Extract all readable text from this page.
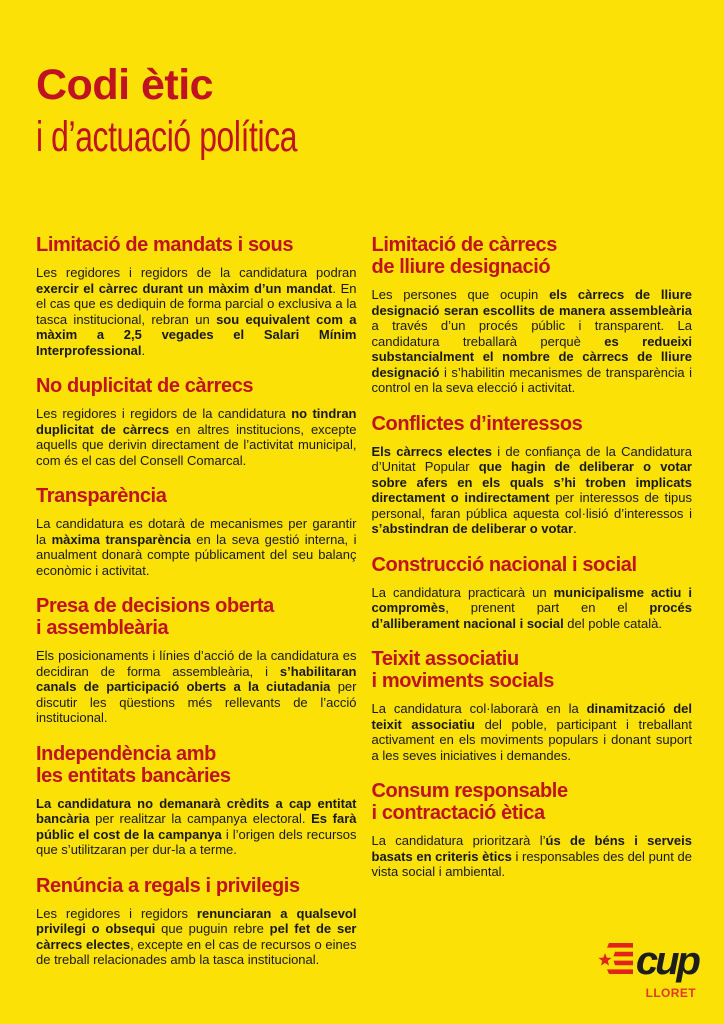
Codi ètic
i d’actuació política
Limitació de mandats i sous

Les regidores i regidors de la candidatura podran exercir el càrrec durant un màxim d’un mandat. En el cas que es dediquin de forma parcial o exclusiva a la tasca institucional, rebran un sou equivalent com a màxim a 2,5 vegades el Salari Mínim Interprofessional.

No duplicitat de càrrecs

Les regidores i regidors de la candidatura no tindran duplicitat de càrrecs en altres institucions, excepte aquells que derivin directament de l’activitat municipal, com és el cas del Consell Comarcal.

Transparència

La candidatura es dotarà de mecanismes per garantir la màxima transparència en la seva gestió interna, i anualment donarà compte públicament del seu balanç econòmic i activitat.

Presa de decisions oberta
i assembleària

Els posicionaments i línies d’acció de la candidatura es decidiran de forma assembleària, i s’habilitaran canals de participació oberts a la ciutadania per discutir les qüestions més rellevants de l’acció institucional.

Independència amb
les entitats bancàries

La candidatura no demanarà crèdits a cap entitat bancària per realitzar la campanya electoral. Es farà públic el cost de la campanya i l’origen dels recursos que s’utilitzaran per dur-la a terme.

Renúncia a regals i privilegis

Les regidores i regidors renunciaran a qualsevol privilegi o obsequi que puguin rebre pel fet de ser càrrecs electes, excepte en el cas de recursos o eines de treball relacionades amb la tasca institucional.

Limitació de càrrecs
de lliure designació

Les persones que ocupin els càrrecs de lliure designació seran escollits de manera assembleària a través d’un procés públic i transparent. La candidatura treballarà perquè es redueixi substancialment el nombre de càrrecs de lliure designació i s’habilitin mecanismes de transparència i control en la seva elecció i activitat.

Conflictes d’interessos

Els càrrecs electes i de confiança de la Candidatura d’Unitat Popular que hagin de deliberar o votar sobre afers en els quals s’hi troben implicats directament o indirectament per interessos de tipus personal, faran pública aquesta col·lisió d’interessos i s’abstindran de deliberar o votar.

Construcció nacional i social

La candidatura practicarà un municipalisme actiu i compromès, prenent part en el procés d’alliberament nacional i social del poble català.

Teixit associatiu
i moviments socials

La candidatura col·laborarà en la dinamització del teixit associatiu del poble, participant i treballant activament en els moviments populars i donant suport a les seves iniciatives i demandes.

Consum responsable
i contractació ètica

La candidatura prioritzarà l’ús de béns i serveis basats en criteris ètics i responsables des del punt de vista social i ambiental.

cup
LLORET
